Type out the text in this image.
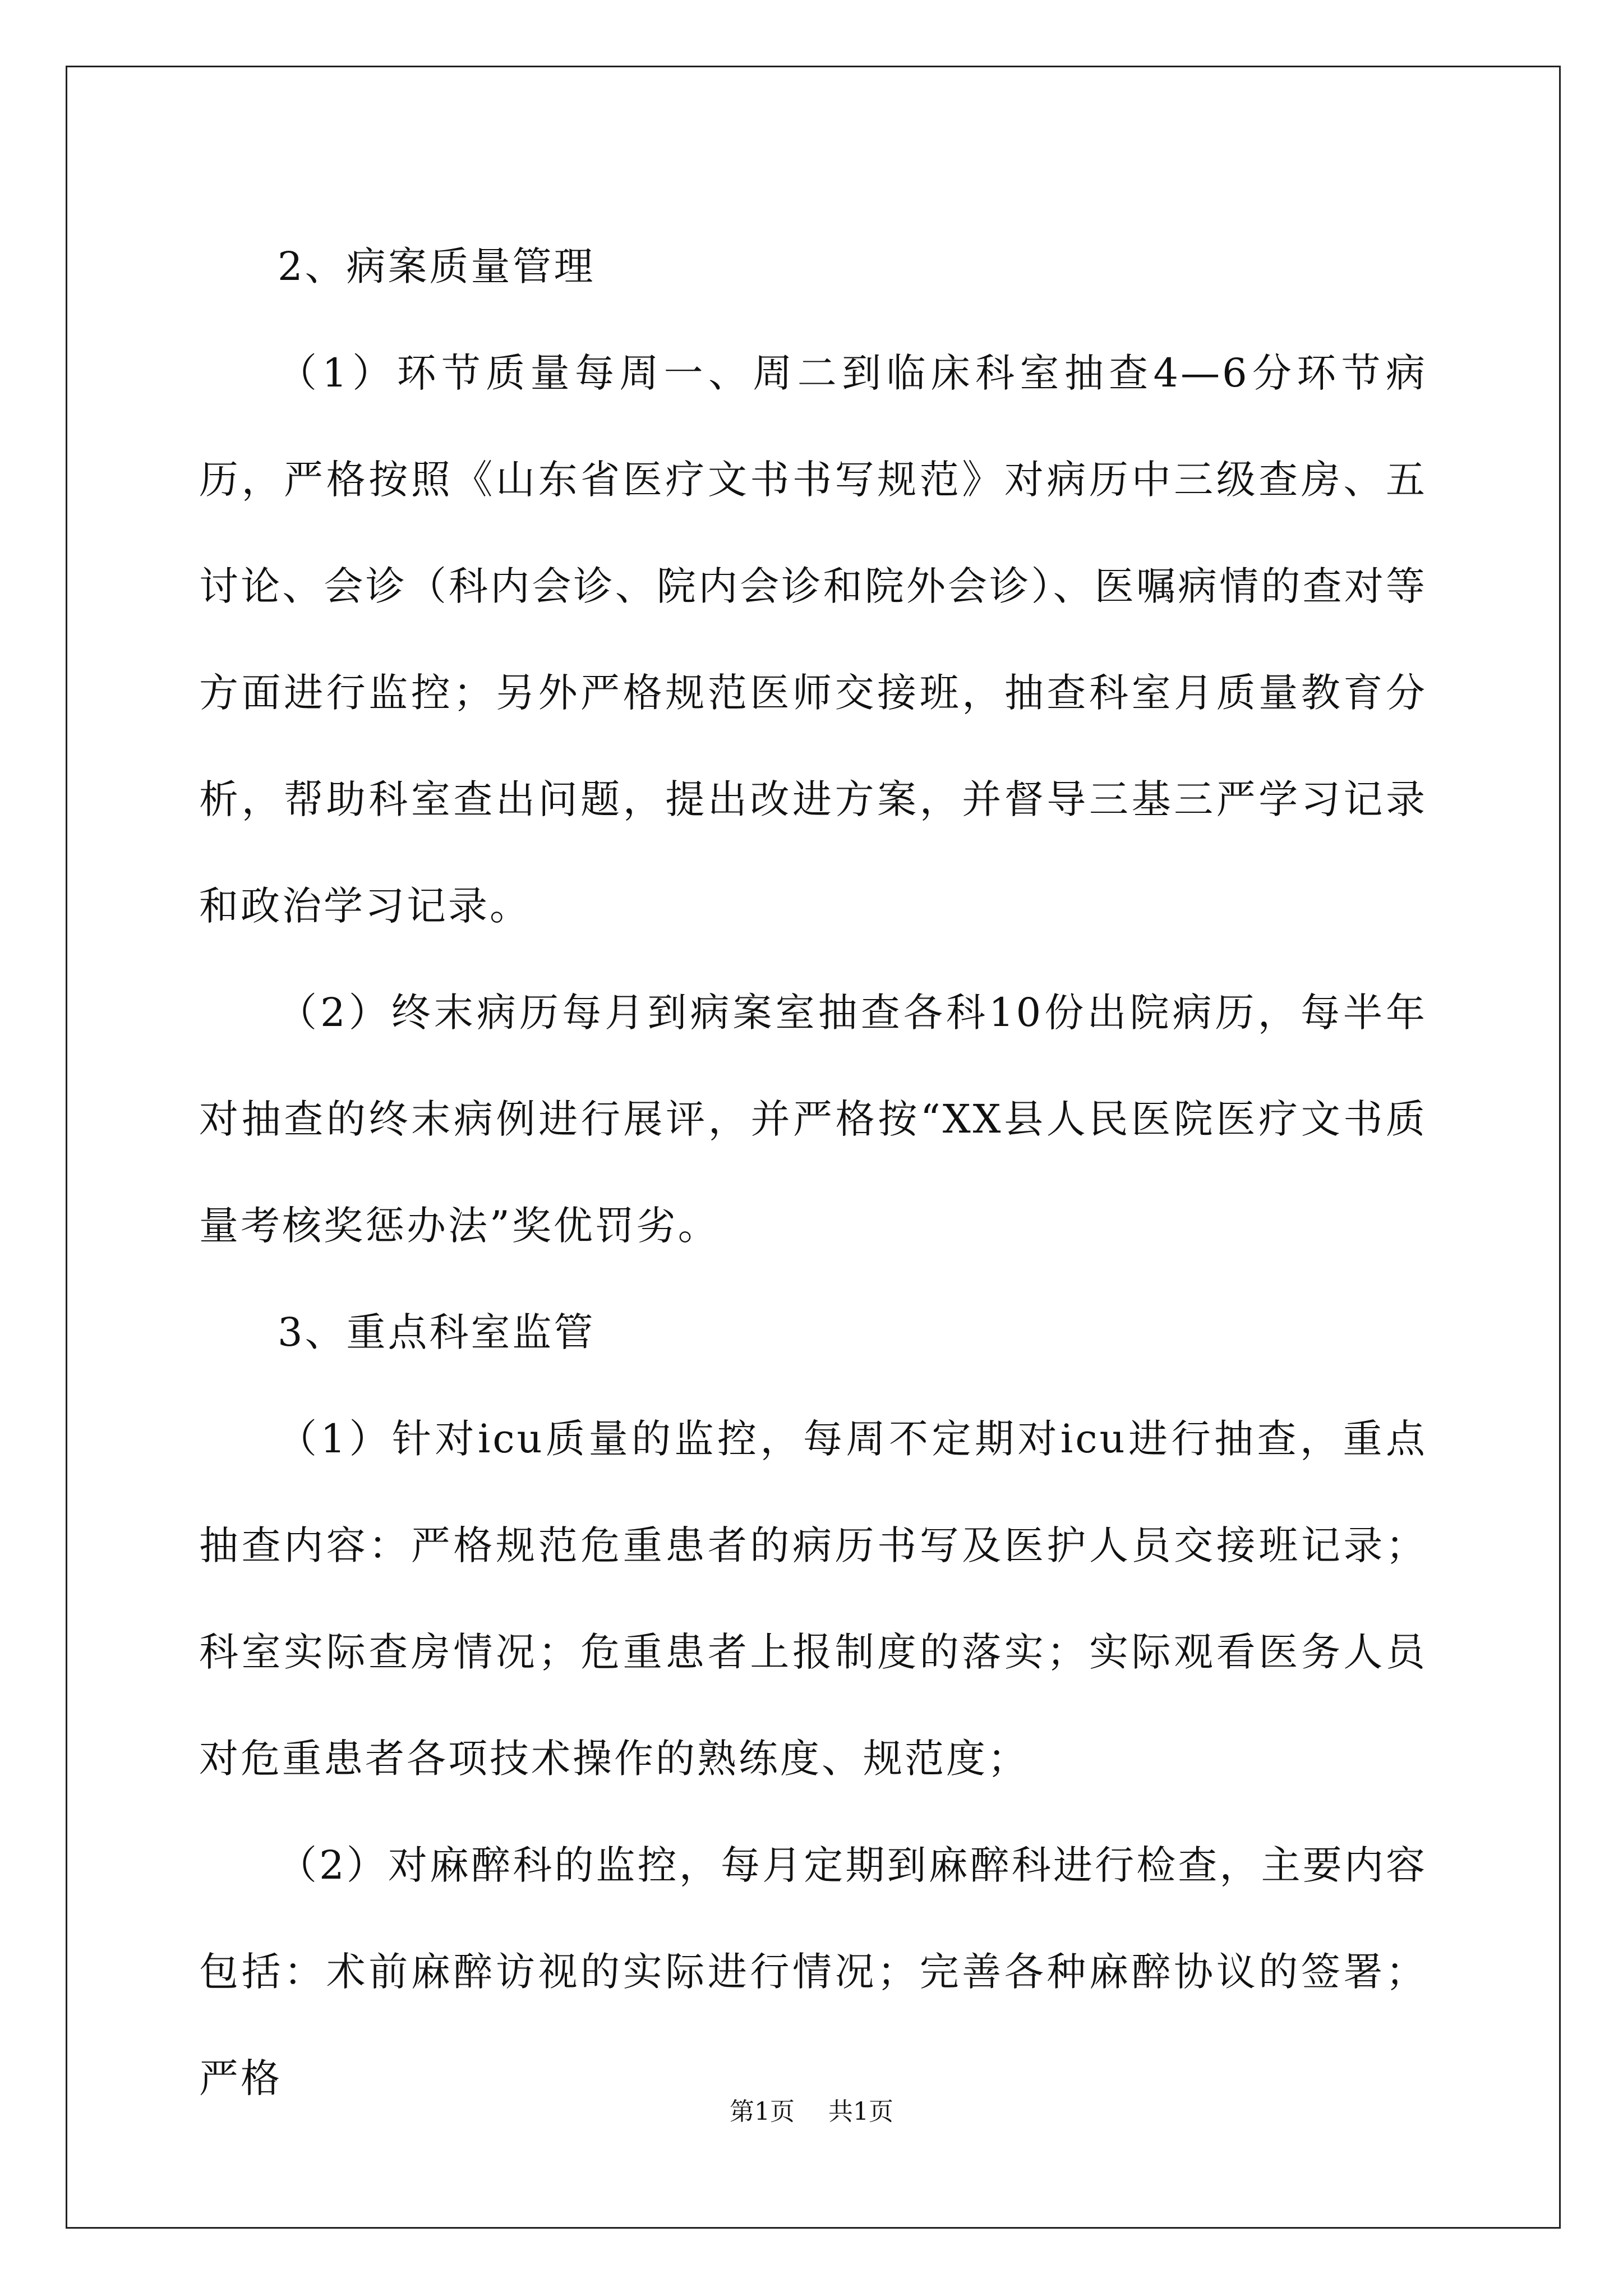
2、病案质量管理

（1）环节质量每周一、周二到临床科室抽查4—6分环节病历，严格按照《山东省医疗文书书写规范》对病历中三级查房、五讨论、会诊（科内会诊、院内会诊和院外会诊）、医嘱病情的查对等方面进行监控；另外严格规范医师交接班，抽查科室月质量教育分析，帮助科室查出问题，提出改进方案，并督导三基三严学习记录和政治学习记录。

（2）终末病历每月到病案室抽查各科10份出院病历，每半年对抽查的终末病例进行展评，并严格按“XX县人民医院医疗文书质量考核奖惩办法”奖优罚劣。

3、重点科室监管

（1）针对icu质量的监控，每周不定期对icu进行抽查，重点抽查内容：严格规范危重患者的病历书写及医护人员交接班记录；科室实际查房情况；危重患者上报制度的落实；实际观看医务人员对危重患者各项技术操作的熟练度、规范度；

（2）对麻醉科的监控，每月定期到麻醉科进行检查，主要内容包括：术前麻醉访视的实际进行情况；完善各种麻醉协议的签署；严格

第1页 共1页
